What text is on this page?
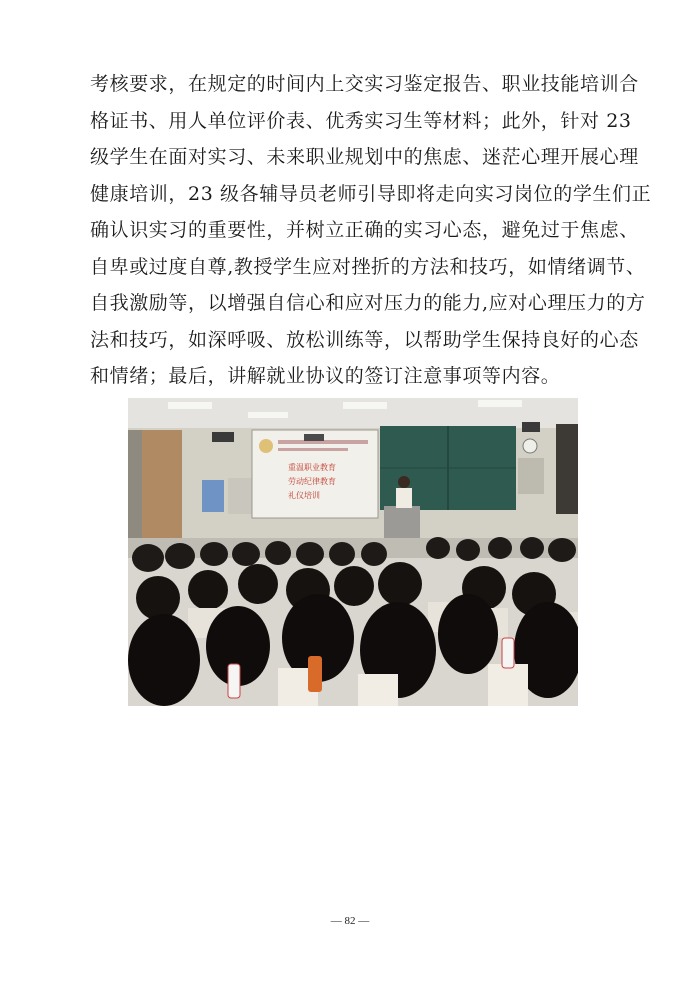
考核要求，在规定的时间内上交实习鉴定报告、职业技能培训合
格证书、用人单位评价表、优秀实习生等材料；此外，针对 23
级学生在面对实习、未来职业规划中的焦虑、迷茫心理开展心理
健康培训，23 级各辅导员老师引导即将走向实习岗位的学生们正
确认识实习的重要性，并树立正确的实习心态，避免过于焦虑、
自卑或过度自尊,教授学生应对挫折的方法和技巧，如情绪调节、
自我激励等，以增强自信心和应对压力的能力,应对心理压力的方
法和技巧，如深呼吸、放松训练等，以帮助学生保持良好的心态
和情绪；最后，讲解就业协议的签订注意事项等内容。
重温职业教育
劳动纪律教育
礼仪培训
— 82 —
